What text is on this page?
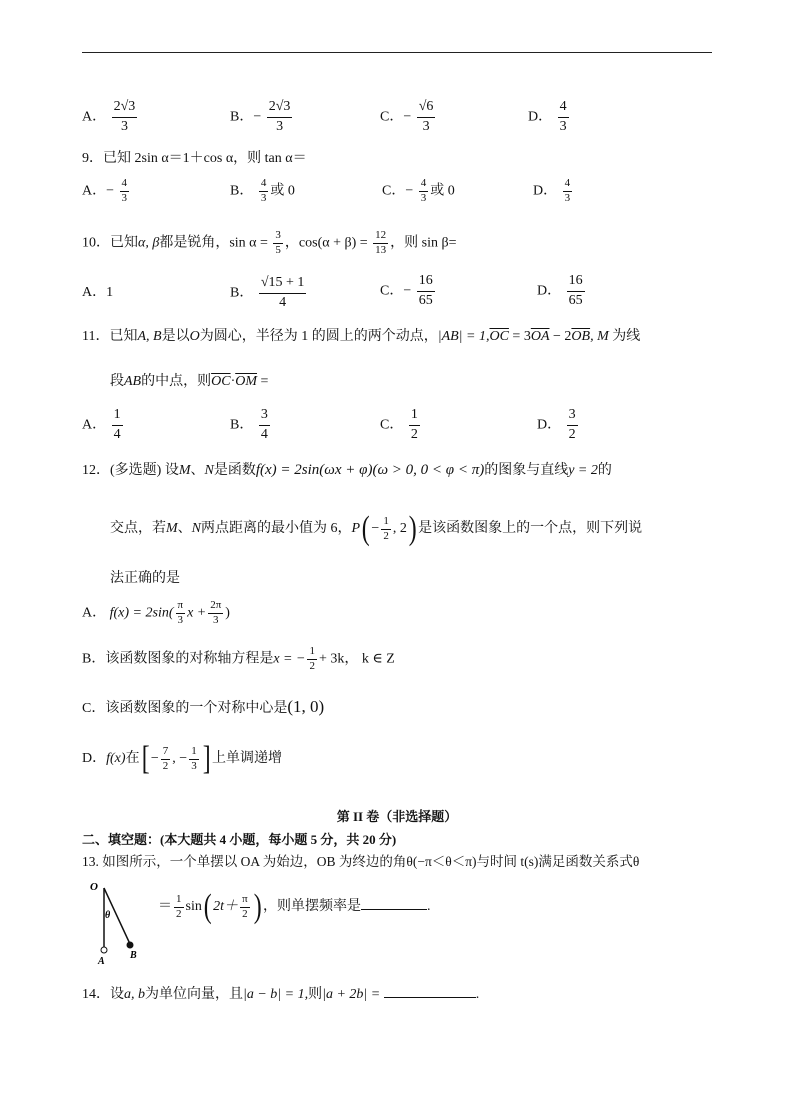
A． $\frac{2√3}{3}$	B．− $\frac{2√3}{3}$	C．− $\frac{√6}{3}$	D． $\frac{4}{3}$
9．已知 2sin α＝1＋cos α，则 tan α＝
A．− $\frac{4}{3}$	B． $\frac{4}{3}$ 或 0	C．− $\frac{4}{3}$ 或 0	D． $\frac{4}{3}$
10．已知α, β都是锐角，$\sin \alpha = \frac{3}{5}$ ，$\cos(\alpha + \beta) = \frac{12}{13}$ ，则 sin β=
A．1	B． $\frac{√15 + 1}{4}$	C．− $\frac{16}{65}$	D． $\frac{16}{65}$
11．已知A, B是以O为圆心，半径为 1 的圆上的两个动点，$|AB| = 1,\overline{OC} = 3\overline{OA} - 2\overline{OB}$, M 为线
段AB的中点，则$\overline{OC}\cdot\overline{OM}$ =
A． $\frac{1}{4}$	B． $\frac{3}{4}$	C． $\frac{1}{2}$	D． $\frac{3}{2}$
12．(多选题) 设M、N是函数f(x) = 2sin(ωx + φ)(ω > 0, 0 < φ < π)的图象与直线y = 2的
交点，若M、N两点距离的最小值为 6，$P( - \frac{1}{2}$ , 2) 是该函数图象上的一个点，则下列说
法正确的是
A． $f(x) = 2\sin( \frac{\pi}{3}$ $x + \frac{2\pi}{3}$ )
B．该函数图象的对称轴方程是x = − $\frac{1}{2} + 3k$， k ∈ Z
C．该函数图象的一个对称中心是(1, 0)
D．f(x)在[ − $\frac{7}{2}$ , − $\frac{1}{3}$ ] 上单调递增
第 II 卷（非选择题）
二、填空题：(本大题共 4 小题，每小题 5 分，共 20 分)
13. 如图所示，一个单摆以 OA 为始边，OB 为终边的角θ(−π＜θ＜π)与时间 t(s)满足函数关系式θ
O
θ
A
B
＝ $\frac{1}{2} \sin$( $2t+ \frac{\pi}{2}$ ) ，则单摆频率是	.
14．设a, b为单位向量，且|a − b| = 1,则|a + 2b| =	.
